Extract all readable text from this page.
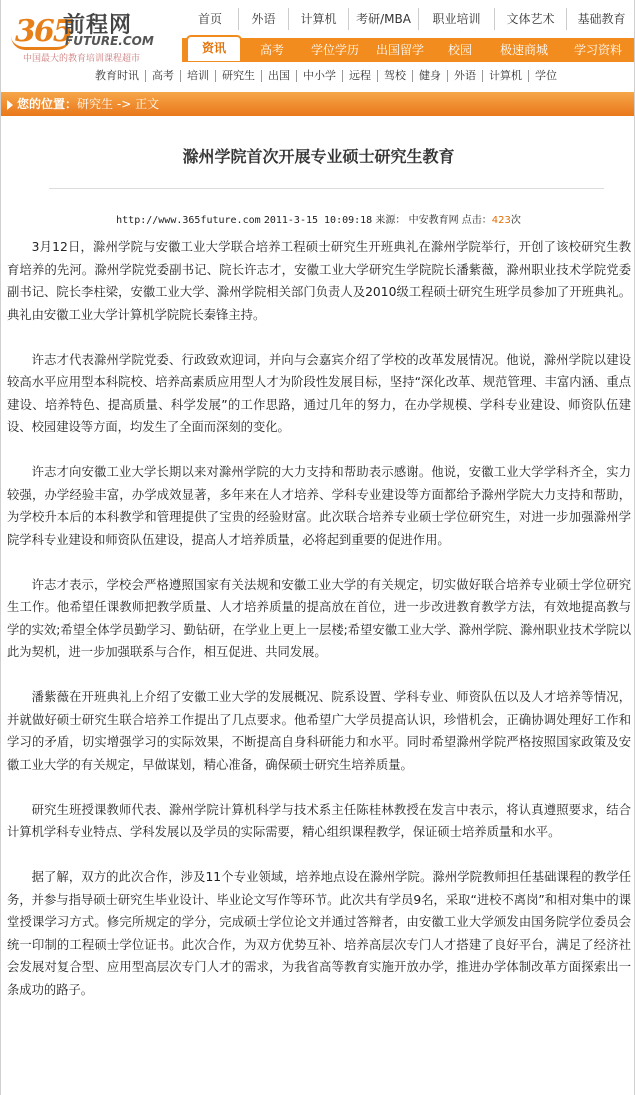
365
前程网
FUTURE.COM
中国最大的教育培训课程超市
首页	外语	计算机	考研/MBA	职业培训	文体艺术	基础教育
资讯	高考	学位学历	出国留学	校园	极速商城	学习资料
教育时讯	高考	培训	研究生	出国	中小学	远程	驾校	健身	外语	计算机	学位
您的位置：研究生 -> 正文
滁州学院首次开展专业硕士研究生教育
http://www.365future.com 2011-3-15 10:09:18 来源： 中安教育网 点击：423次

3月12日，滁州学院与安徽工业大学联合培养工程硕士研究生开班典礼在滁州学院举行，开创了该校研究生教育培养的先河。滁州学院党委副书记、院长许志才，安徽工业大学研究生学院院长潘紫薇，滁州职业技术学院党委副书记、院长李柱梁，安徽工业大学、滁州学院相关部门负责人及2010级工程硕士研究生班学员参加了开班典礼。典礼由安徽工业大学计算机学院院长秦锋主持。

许志才代表滁州学院党委、行政致欢迎词，并向与会嘉宾介绍了学校的改革发展情况。他说，滁州学院以建设较高水平应用型本科院校、培养高素质应用型人才为阶段性发展目标，坚持“深化改革、规范管理、丰富内涵、重点建设、培养特色、提高质量、科学发展”的工作思路，通过几年的努力，在办学规模、学科专业建设、师资队伍建设、校园建设等方面，均发生了全面而深刻的变化。

许志才向安徽工业大学长期以来对滁州学院的大力支持和帮助表示感谢。他说，安徽工业大学学科齐全，实力较强，办学经验丰富，办学成效显著，多年来在人才培养、学科专业建设等方面都给予滁州学院大力支持和帮助，为学校升本后的本科教学和管理提供了宝贵的经验财富。此次联合培养专业硕士学位研究生，对进一步加强滁州学院学科专业建设和师资队伍建设，提高人才培养质量，必将起到重要的促进作用。

许志才表示，学校会严格遵照国家有关法规和安徽工业大学的有关规定，切实做好联合培养专业硕士学位研究生工作。他希望任课教师把教学质量、人才培养质量的提高放在首位，进一步改进教育教学方法，有效地提高教与学的实效;希望全体学员勤学习、勤钻研，在学业上更上一层楼;希望安徽工业大学、滁州学院、滁州职业技术学院以此为契机，进一步加强联系与合作，相互促进、共同发展。

潘紫薇在开班典礼上介绍了安徽工业大学的发展概况、院系设置、学科专业、师资队伍以及人才培养等情况，并就做好硕士研究生联合培养工作提出了几点要求。他希望广大学员提高认识，珍惜机会，正确协调处理好工作和学习的矛盾，切实增强学习的实际效果，不断提高自身科研能力和水平。同时希望滁州学院严格按照国家政策及安徽工业大学的有关规定，早做谋划，精心准备，确保硕士研究生培养质量。

研究生班授课教师代表、滁州学院计算机科学与技术系主任陈桂林教授在发言中表示，将认真遵照要求，结合计算机学科专业特点、学科发展以及学员的实际需要，精心组织课程教学，保证硕士培养质量和水平。

据了解，双方的此次合作，涉及11个专业领域，培养地点设在滁州学院。滁州学院教师担任基础课程的教学任务，并参与指导硕士研究生毕业设计、毕业论文写作等环节。此次共有学员9名，采取“进校不离岗”和相对集中的课堂授课学习方式。修完所规定的学分，完成硕士学位论文并通过答辩者，由安徽工业大学颁发由国务院学位委员会统一印制的工程硕士学位证书。此次合作，为双方优势互补、培养高层次专门人才搭建了良好平台，满足了经济社会发展对复合型、应用型高层次专门人才的需求，为我省高等教育实施开放办学，推进办学体制改革方面探索出一条成功的路子。
